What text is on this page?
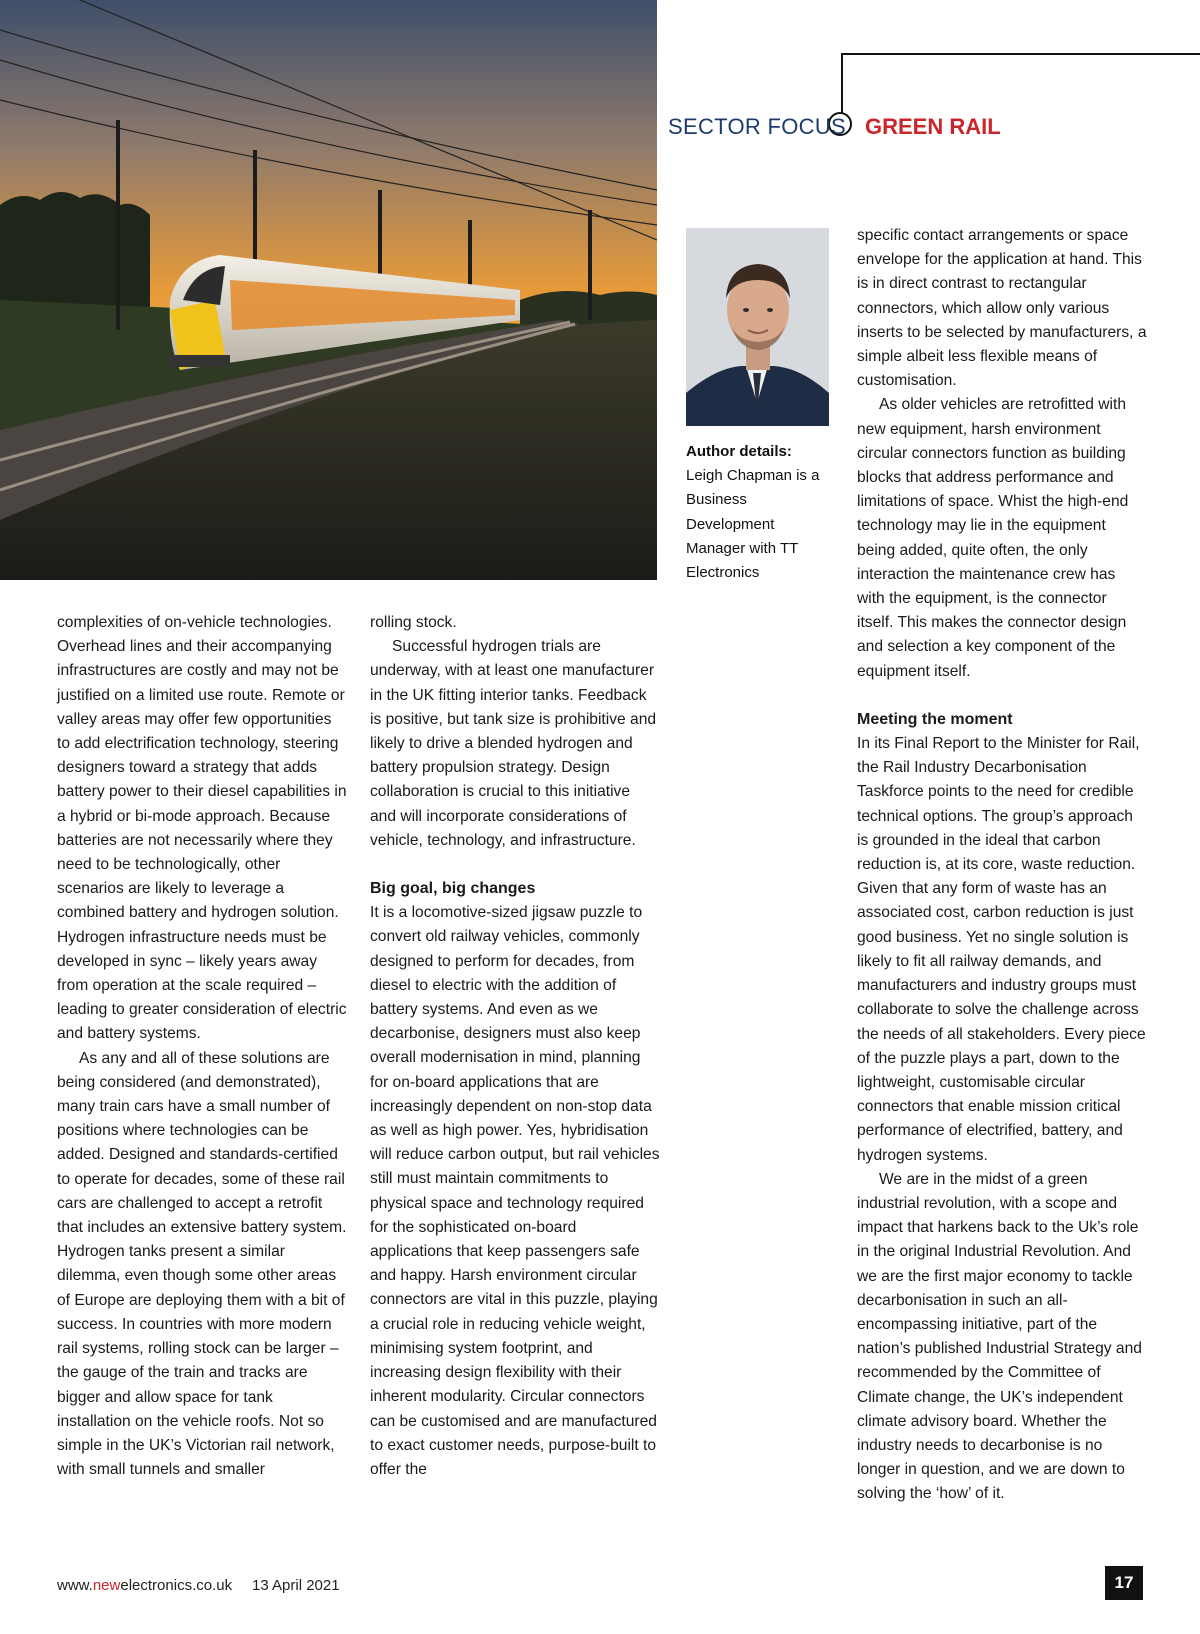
SECTOR FOCUS GREEN RAIL
Author details:
Leigh Chapman is a Business Development Manager with TT Electronics

complexities of on-vehicle technologies. Overhead lines and their accompanying infrastructures are costly and may not be justified on a limited use route. Remote or valley areas may offer few opportunities to add electrification technology, steering designers toward a strategy that adds battery power to their diesel capabilities in a hybrid or bi-mode approach. Because batteries are not necessarily where they need to be technologically, other scenarios are likely to leverage a combined battery and hydrogen solution. Hydrogen infrastructure needs must be developed in sync – likely years away from operation at the scale required – leading to greater consideration of electric and battery systems.

As any and all of these solutions are being considered (and demonstrated), many train cars have a small number of positions where technologies can be added. Designed and standards-certified to operate for decades, some of these rail cars are challenged to accept a retrofit that includes an extensive battery system. Hydrogen tanks present a similar dilemma, even though some other areas of Europe are deploying them with a bit of success. In countries with more modern rail systems, rolling stock can be larger – the gauge of the train and tracks are bigger and allow space for tank installation on the vehicle roofs. Not so simple in the UK’s Victorian rail network, with small tunnels and smaller

rolling stock.

Successful hydrogen trials are underway, with at least one manufacturer in the UK fitting interior tanks. Feedback is positive, but tank size is prohibitive and likely to drive a blended hydrogen and battery propulsion strategy. Design collaboration is crucial to this initiative and will incorporate considerations of vehicle, technology, and infrastructure.

Big goal, big changes

It is a locomotive-sized jigsaw puzzle to convert old railway vehicles, commonly designed to perform for decades, from diesel to electric with the addition of battery systems. And even as we decarbonise, designers must also keep overall modernisation in mind, planning for on-board applications that are increasingly dependent on non-stop data as well as high power. Yes, hybridisation will reduce carbon output, but rail vehicles still must maintain commitments to physical space and technology required for the sophisticated on-board applications that keep passengers safe and happy. Harsh environment circular connectors are vital in this puzzle, playing a crucial role in reducing vehicle weight, minimising system footprint, and increasing design flexibility with their inherent modularity. Circular connectors can be customised and are manufactured to exact customer needs, purpose-built to offer the

specific contact arrangements or space envelope for the application at hand. This is in direct contrast to rectangular connectors, which allow only various inserts to be selected by manufacturers, a simple albeit less flexible means of customisation.

As older vehicles are retrofitted with new equipment, harsh environment circular connectors function as building blocks that address performance and limitations of space. Whist the high-end technology may lie in the equipment being added, quite often, the only interaction the maintenance crew has with the equipment, is the connector itself. This makes the connector design and selection a key component of the equipment itself.

Meeting the moment

In its Final Report to the Minister for Rail, the Rail Industry Decarbonisation Taskforce points to the need for credible technical options. The group’s approach is grounded in the ideal that carbon reduction is, at its core, waste reduction. Given that any form of waste has an associated cost, carbon reduction is just good business. Yet no single solution is likely to fit all railway demands, and manufacturers and industry groups must collaborate to solve the challenge across the needs of all stakeholders. Every piece of the puzzle plays a part, down to the lightweight, customisable circular connectors that enable mission critical performance of electrified, battery, and hydrogen systems.

We are in the midst of a green industrial revolution, with a scope and impact that harkens back to the Uk’s role in the original Industrial Revolution. And we are the first major economy to tackle decarbonisation in such an all-encompassing initiative, part of the nation’s published Industrial Strategy and recommended by the Committee of Climate change, the UK’s independent climate advisory board. Whether the industry needs to decarbonise is no longer in question, and we are down to solving the ‘how’ of it.

www.newelectronics.co.uk 13 April 2021	17
